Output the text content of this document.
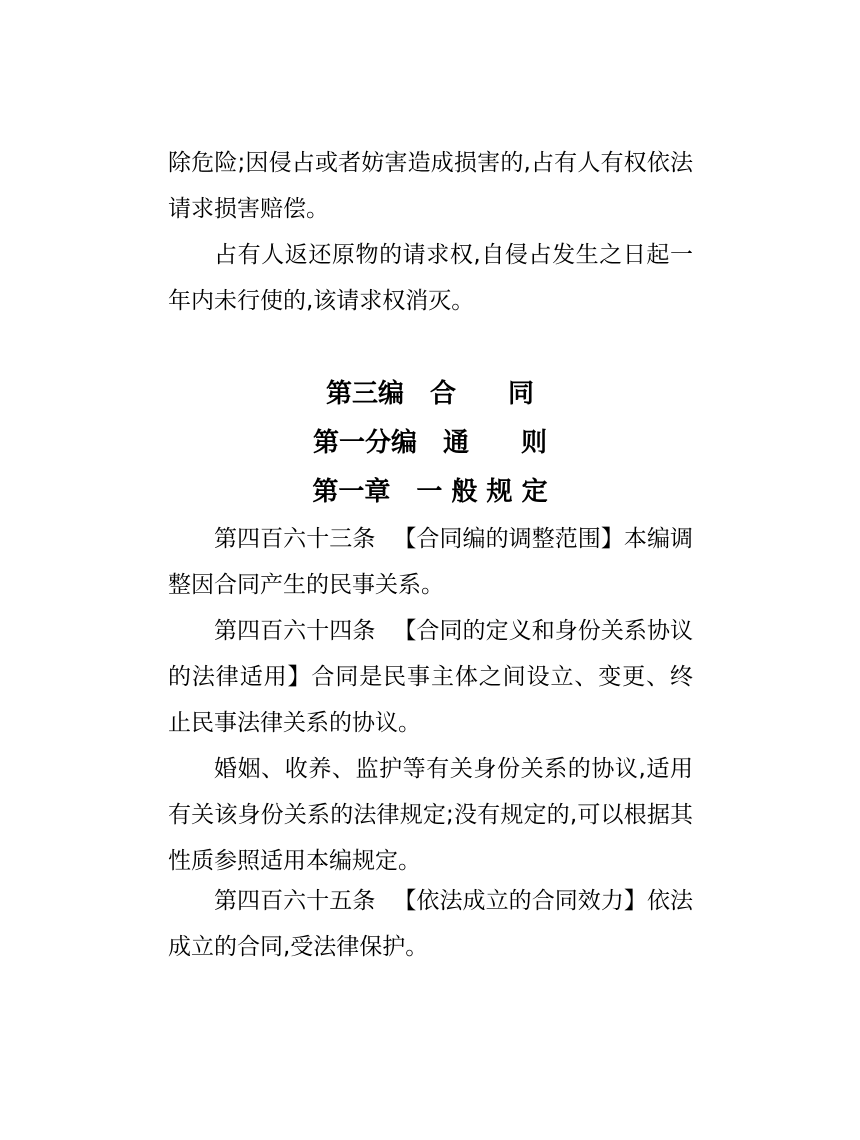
除危险;因侵占或者妨害造成损害的,占有人有权依法请求损害赔偿。

占有人返还原物的请求权,自侵占发生之日起一年内未行使的,该请求权消灭。

第三编　合　　同
第一分编　通　　则
第一章　一 般 规 定

第四百六十三条 【合同编的调整范围】本编调整因合同产生的民事关系。

第四百六十四条 【合同的定义和身份关系协议的法律适用】合同是民事主体之间设立、变更、终止民事法律关系的协议。

婚姻、收养、监护等有关身份关系的协议,适用有关该身份关系的法律规定;没有规定的,可以根据其性质参照适用本编规定。

第四百六十五条 【依法成立的合同效力】依法成立的合同,受法律保护。
